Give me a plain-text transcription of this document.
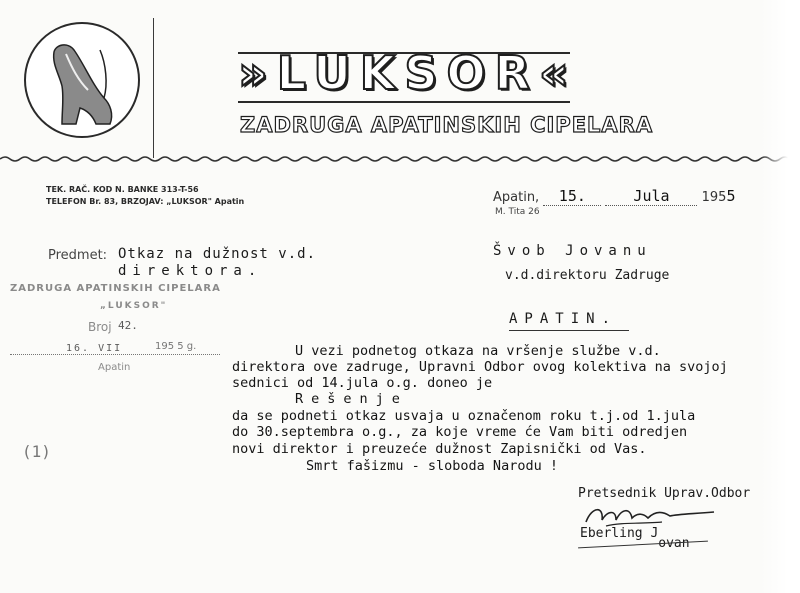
»LUKSOR«
ZADRUGA APATINSKIH CIPELARA
TEK. RAČ. KOD N. BANKE 313-T-56
TELEFON Br. 83, BRZOJAV: „LUKSOR" Apatin	Apatin, 15.	Jula 1955
M. Tita 26
Predmet: Otkaz na dužnost v.d.
direktora.
Švob Jovanu
v.d.direktoru Zadruge
APATIN.
ZADRUGA APATINSKIH CIPELARA
„LUKSOR"
Broj 42.
16. VII	195 5 g.
Apatin
(1)
U vezi podnetog otkaza na vršenje službe v.d.
direktora ove zadruge, Upravni Odbor ovog kolektiva na svojoj
sednici od 14.jula o.g. doneo je
Rešenje
da se podneti otkaz usvaja u označenom roku t.j.od 1.jula
do 30.septembra o.g., za koje vreme će Vam biti odredjen
novi direktor i preuzeće dužnost Zapisnički od Vas.
Smrt fašizmu - sloboda Narodu !
Pretsednik Uprav.Odbor
Eberling Jovan
